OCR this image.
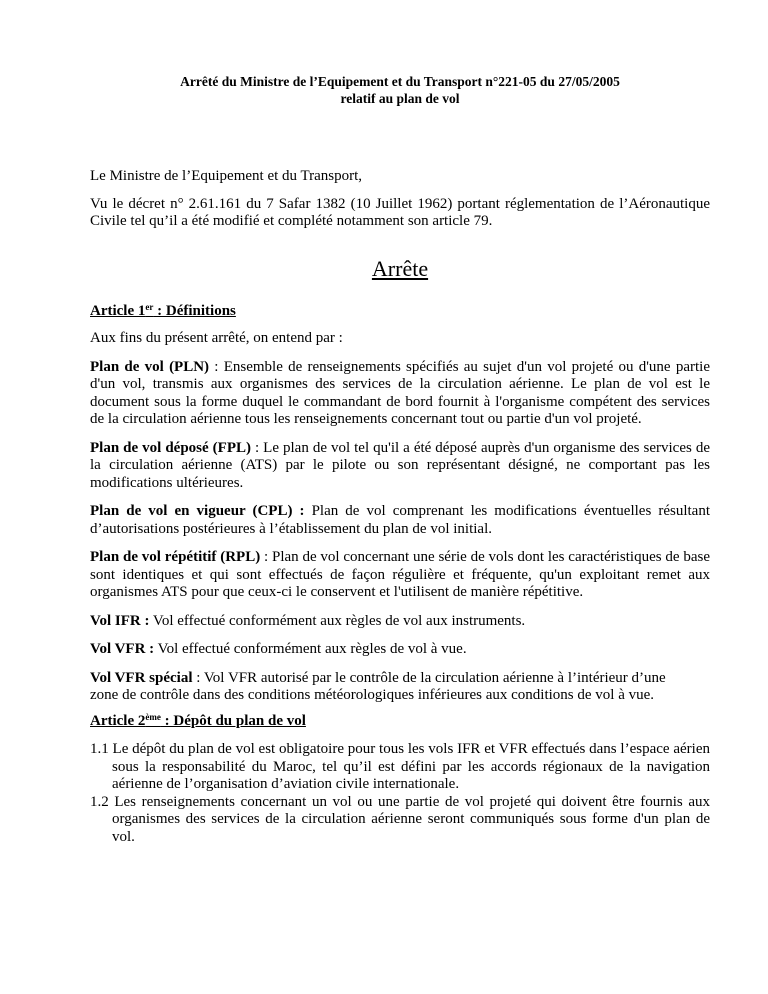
Arrêté du Ministre de l’Equipement et du Transport n°221-05 du 27/05/2005
relatif au plan de vol

Le Ministre de l’Equipement et du Transport,

Vu le décret n° 2.61.161 du 7 Safar 1382 (10 Juillet 1962) portant réglementation de l’Aéronautique Civile tel qu’il a été modifié et complété notamment son article 79.

Arrête

Article 1er : Définitions

Aux fins du présent arrêté, on entend par :

Plan de vol (PLN) : Ensemble de renseignements spécifiés au sujet d'un vol projeté ou d'une partie d'un vol, transmis aux organismes des services de la circulation aérienne. Le plan de vol est le document sous la forme duquel le commandant de bord fournit à l'organisme compétent des services de la circulation aérienne tous les renseignements concernant tout ou partie d'un vol projeté.

Plan de vol déposé (FPL) : Le plan de vol tel qu'il a été déposé auprès d'un organisme des services de la circulation aérienne (ATS) par le pilote ou son représentant désigné, ne comportant pas les modifications ultérieures.

Plan de vol en vigueur (CPL) : Plan de vol comprenant les modifications éventuelles résultant d’autorisations postérieures à l’établissement du plan de vol initial.

Plan de vol répétitif (RPL) : Plan de vol concernant une série de vols dont les caractéristiques de base sont identiques et qui sont effectués de façon régulière et fréquente, qu'un exploitant remet aux organismes ATS pour que ceux-ci le conservent et l'utilisent de manière répétitive.

Vol IFR : Vol effectué conformément aux règles de vol aux instruments.

Vol VFR : Vol effectué conformément aux règles de vol à vue.

Vol VFR spécial : Vol VFR autorisé par le contrôle de la circulation aérienne à l’intérieur d’une zone de contrôle dans des conditions météorologiques inférieures aux conditions de vol à vue.

Article 2ème : Dépôt du plan de vol

1.1 Le dépôt du plan de vol est obligatoire pour tous les vols IFR et VFR effectués dans l’espace aérien sous la responsabilité du Maroc, tel qu’il est défini par les accords régionaux de la navigation aérienne de l’organisation d’aviation civile internationale.

1.2 Les renseignements concernant un vol ou une partie de vol projeté qui doivent être fournis aux organismes des services de la circulation aérienne seront communiqués sous forme d'un plan de vol.
